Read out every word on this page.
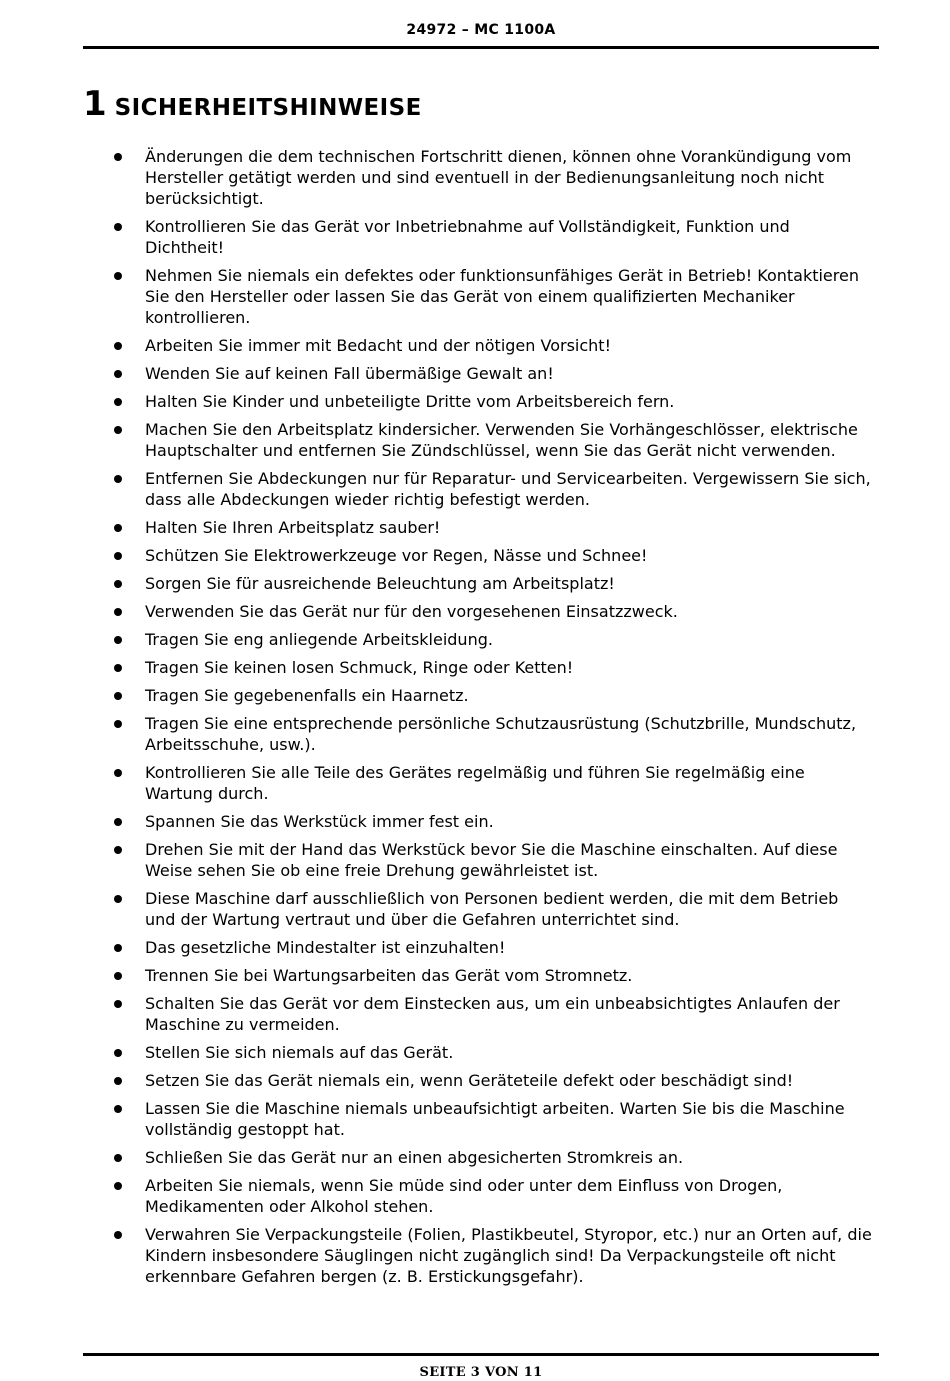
24972 – MC 1100A
1 SICHERHEITSHINWEISE
Änderungen die dem technischen Fortschritt dienen, können ohne Vorankündigung vom Hersteller getätigt werden und sind eventuell in der Bedienungsanleitung noch nicht berücksichtigt.
Kontrollieren Sie das Gerät vor Inbetriebnahme auf Vollständigkeit, Funktion und Dichtheit!
Nehmen Sie niemals ein defektes oder funktionsunfähiges Gerät in Betrieb! Kontaktieren Sie den Hersteller oder lassen Sie das Gerät von einem qualifizierten Mechaniker kontrollieren.
Arbeiten Sie immer mit Bedacht und der nötigen Vorsicht!
Wenden Sie auf keinen Fall übermäßige Gewalt an!
Halten Sie Kinder und unbeteiligte Dritte vom Arbeitsbereich fern.
Machen Sie den Arbeitsplatz kindersicher. Verwenden Sie Vorhängeschlösser, elektrische Hauptschalter und entfernen Sie Zündschlüssel, wenn Sie das Gerät nicht verwenden.
Entfernen Sie Abdeckungen nur für Reparatur- und Servicearbeiten. Vergewissern Sie sich, dass alle Abdeckungen wieder richtig befestigt werden.
Halten Sie Ihren Arbeitsplatz sauber!
Schützen Sie Elektrowerkzeuge vor Regen, Nässe und Schnee!
Sorgen Sie für ausreichende Beleuchtung am Arbeitsplatz!
Verwenden Sie das Gerät nur für den vorgesehenen Einsatzzweck.
Tragen Sie eng anliegende Arbeitskleidung.
Tragen Sie keinen losen Schmuck, Ringe oder Ketten!
Tragen Sie gegebenenfalls ein Haarnetz.
Tragen Sie eine entsprechende persönliche Schutzausrüstung (Schutzbrille, Mundschutz, Arbeitsschuhe, usw.).
Kontrollieren Sie alle Teile des Gerätes regelmäßig und führen Sie regelmäßig eine Wartung durch.
Spannen Sie das Werkstück immer fest ein.
Drehen Sie mit der Hand das Werkstück bevor Sie die Maschine einschalten. Auf diese Weise sehen Sie ob eine freie Drehung gewährleistet ist.
Diese Maschine darf ausschließlich von Personen bedient werden, die mit dem Betrieb und der Wartung vertraut und über die Gefahren unterrichtet sind.
Das gesetzliche Mindestalter ist einzuhalten!
Trennen Sie bei Wartungsarbeiten das Gerät vom Stromnetz.
Schalten Sie das Gerät vor dem Einstecken aus, um ein unbeabsichtigtes Anlaufen der Maschine zu vermeiden.
Stellen Sie sich niemals auf das Gerät.
Setzen Sie das Gerät niemals ein, wenn Geräteteile defekt oder beschädigt sind!
Lassen Sie die Maschine niemals unbeaufsichtigt arbeiten. Warten Sie bis die Maschine vollständig gestoppt hat.
Schließen Sie das Gerät nur an einen abgesicherten Stromkreis an.
Arbeiten Sie niemals, wenn Sie müde sind oder unter dem Einfluss von Drogen, Medikamenten oder Alkohol stehen.
Verwahren Sie Verpackungsteile (Folien, Plastikbeutel, Styropor, etc.) nur an Orten auf, die Kindern insbesondere Säuglingen nicht zugänglich sind! Da Verpackungsteile oft nicht erkennbare Gefahren bergen (z. B. Erstickungsgefahr).
SEITE 3 VON 11
